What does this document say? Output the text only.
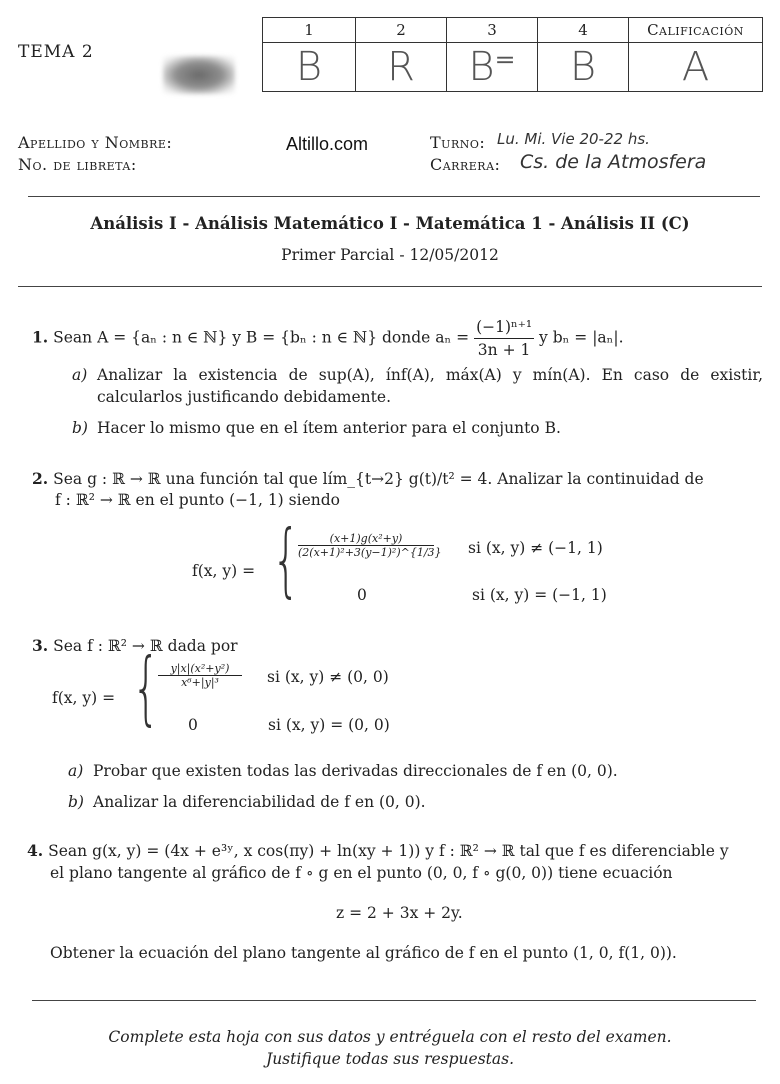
TEMA 2
1	2	3	4	Calificación
B	R	B⁼	B	A
Apellido y Nombre:
No. de libreta:
Altillo.com	Turno: Lu. Mi. Vie 20-22 hs.
Carrera: Cs. de la Atmosfera
Análisis I - Análisis Matemático I - Matemática 1 - Análisis II (C)
Primer Parcial - 12/05/2012
1. Sean A = {aₙ : n ∈ ℕ} y B = {bₙ : n ∈ ℕ} donde $a_n = \frac{\text{(−1)ⁿ⁺¹}}{3n + 1}$ y bₙ = |aₙ|.
a) Analizar la existencia de sup(A), ínf(A), máx(A) y mín(A). En caso de existir,
calcularlos justificando debidamente.
b) Hacer lo mismo que en el ítem anterior para el conjunto B.
2. Sea g : ℝ → ℝ una función tal que lím_{t→2} g(t)/t² = 4. Analizar la continuidad de
f : ℝ² → ℝ en el punto (−1, 1) siendo
f(x, y) = {
$\frac{\text{(x+1)g(x²+y)}}{\text{(2(x+1)²+3(y−1)²)\textasciicircum{}\{1/3\}}}$ si (x, y) ≠ (−1, 1)
0	si (x, y) = (−1, 1)
3. Sea f : ℝ² → ℝ dada por
f(x, y) = {
$\frac{\text{y|x|(x²+y²)}}{\text{x⁶+|y|³}}$ si (x, y) ≠ (0, 0)
0	si (x, y) = (0, 0)
a) Probar que existen todas las derivadas direccionales de f en (0, 0).
b) Analizar la diferenciabilidad de f en (0, 0).
4. Sean g(x, y) = (4x + e³ʸ, x cos(πy) + ln(xy + 1)) y f : ℝ² → ℝ tal que f es diferenciable y
el plano tangente al gráfico de f ∘ g en el punto (0, 0, f ∘ g(0, 0)) tiene ecuación
z = 2 + 3x + 2y.
Obtener la ecuación del plano tangente al gráfico de f en el punto (1, 0, f(1, 0)).
Complete esta hoja con sus datos y entréguela con el resto del examen.
Justifique todas sus respuestas.
